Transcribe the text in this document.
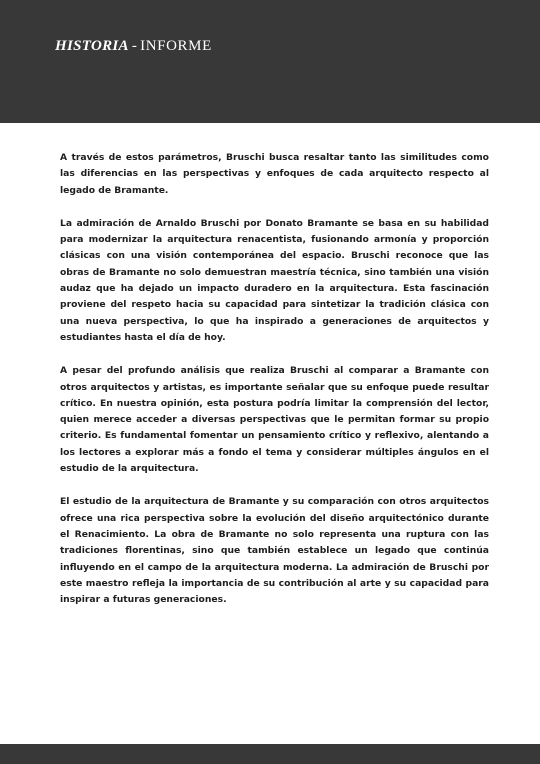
HISTORIA - INFORME

A través de estos parámetros, Bruschi busca resaltar tanto las similitudes como las diferencias en las perspectivas y enfoques de cada arquitecto respecto al legado de Bramante.

La admiración de Arnaldo Bruschi por Donato Bramante se basa en su habilidad para modernizar la arquitectura renacentista, fusionando armonía y proporción clásicas con una visión contemporánea del espacio. Bruschi reconoce que las obras de Bramante no solo demuestran maestría técnica, sino también una visión audaz que ha dejado un impacto duradero en la arquitectura. Esta fascinación proviene del respeto hacia su capacidad para sintetizar la tradición clásica con una nueva perspectiva, lo que ha inspirado a generaciones de arquitectos y estudiantes hasta el día de hoy.

A pesar del profundo análisis que realiza Bruschi al comparar a Bramante con otros arquitectos y artistas, es importante señalar que su enfoque puede resultar crítico. En nuestra opinión, esta postura podría limitar la comprensión del lector, quien merece acceder a diversas perspectivas que le permitan formar su propio criterio. Es fundamental fomentar un pensamiento crítico y reflexivo, alentando a los lectores a explorar más a fondo el tema y considerar múltiples ángulos en el estudio de la arquitectura.

El estudio de la arquitectura de Bramante y su comparación con otros arquitectos ofrece una rica perspectiva sobre la evolución del diseño arquitectónico durante el Renacimiento. La obra de Bramante no solo representa una ruptura con las tradiciones florentinas, sino que también establece un legado que continúa influyendo en el campo de la arquitectura moderna. La admiración de Bruschi por este maestro refleja la importancia de su contribución al arte y su capacidad para inspirar a futuras generaciones.
